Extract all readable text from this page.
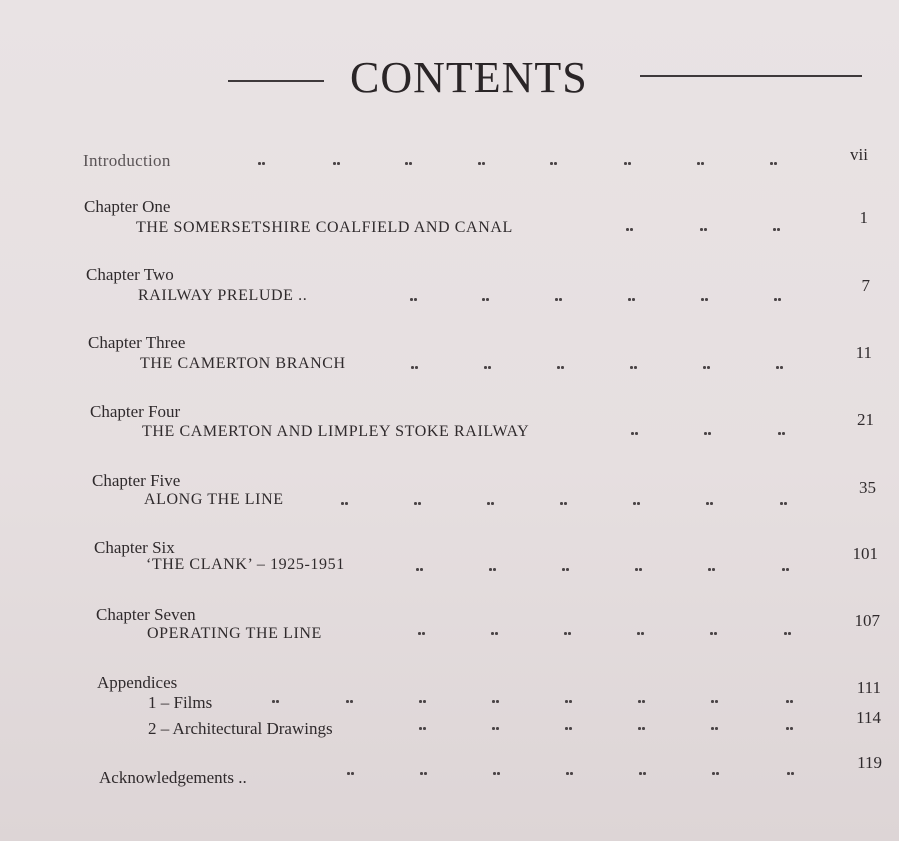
CONTENTS
Introduction	vii
Chapter One
THE SOMERSETSHIRE COALFIELD AND CANAL
1
Chapter Two
RAILWAY PRELUDE ..
7
Chapter Three
THE CAMERTON BRANCH
11
Chapter Four
THE CAMERTON AND LIMPLEY STOKE RAILWAY
21
Chapter Five
ALONG THE LINE
35
Chapter Six
‘THE CLANK’ – 1925-1951
101
Chapter Seven
OPERATING THE LINE
107
Appendices
1 – Films
111
2 – Architectural Drawings
114
Acknowledgements ..
119
